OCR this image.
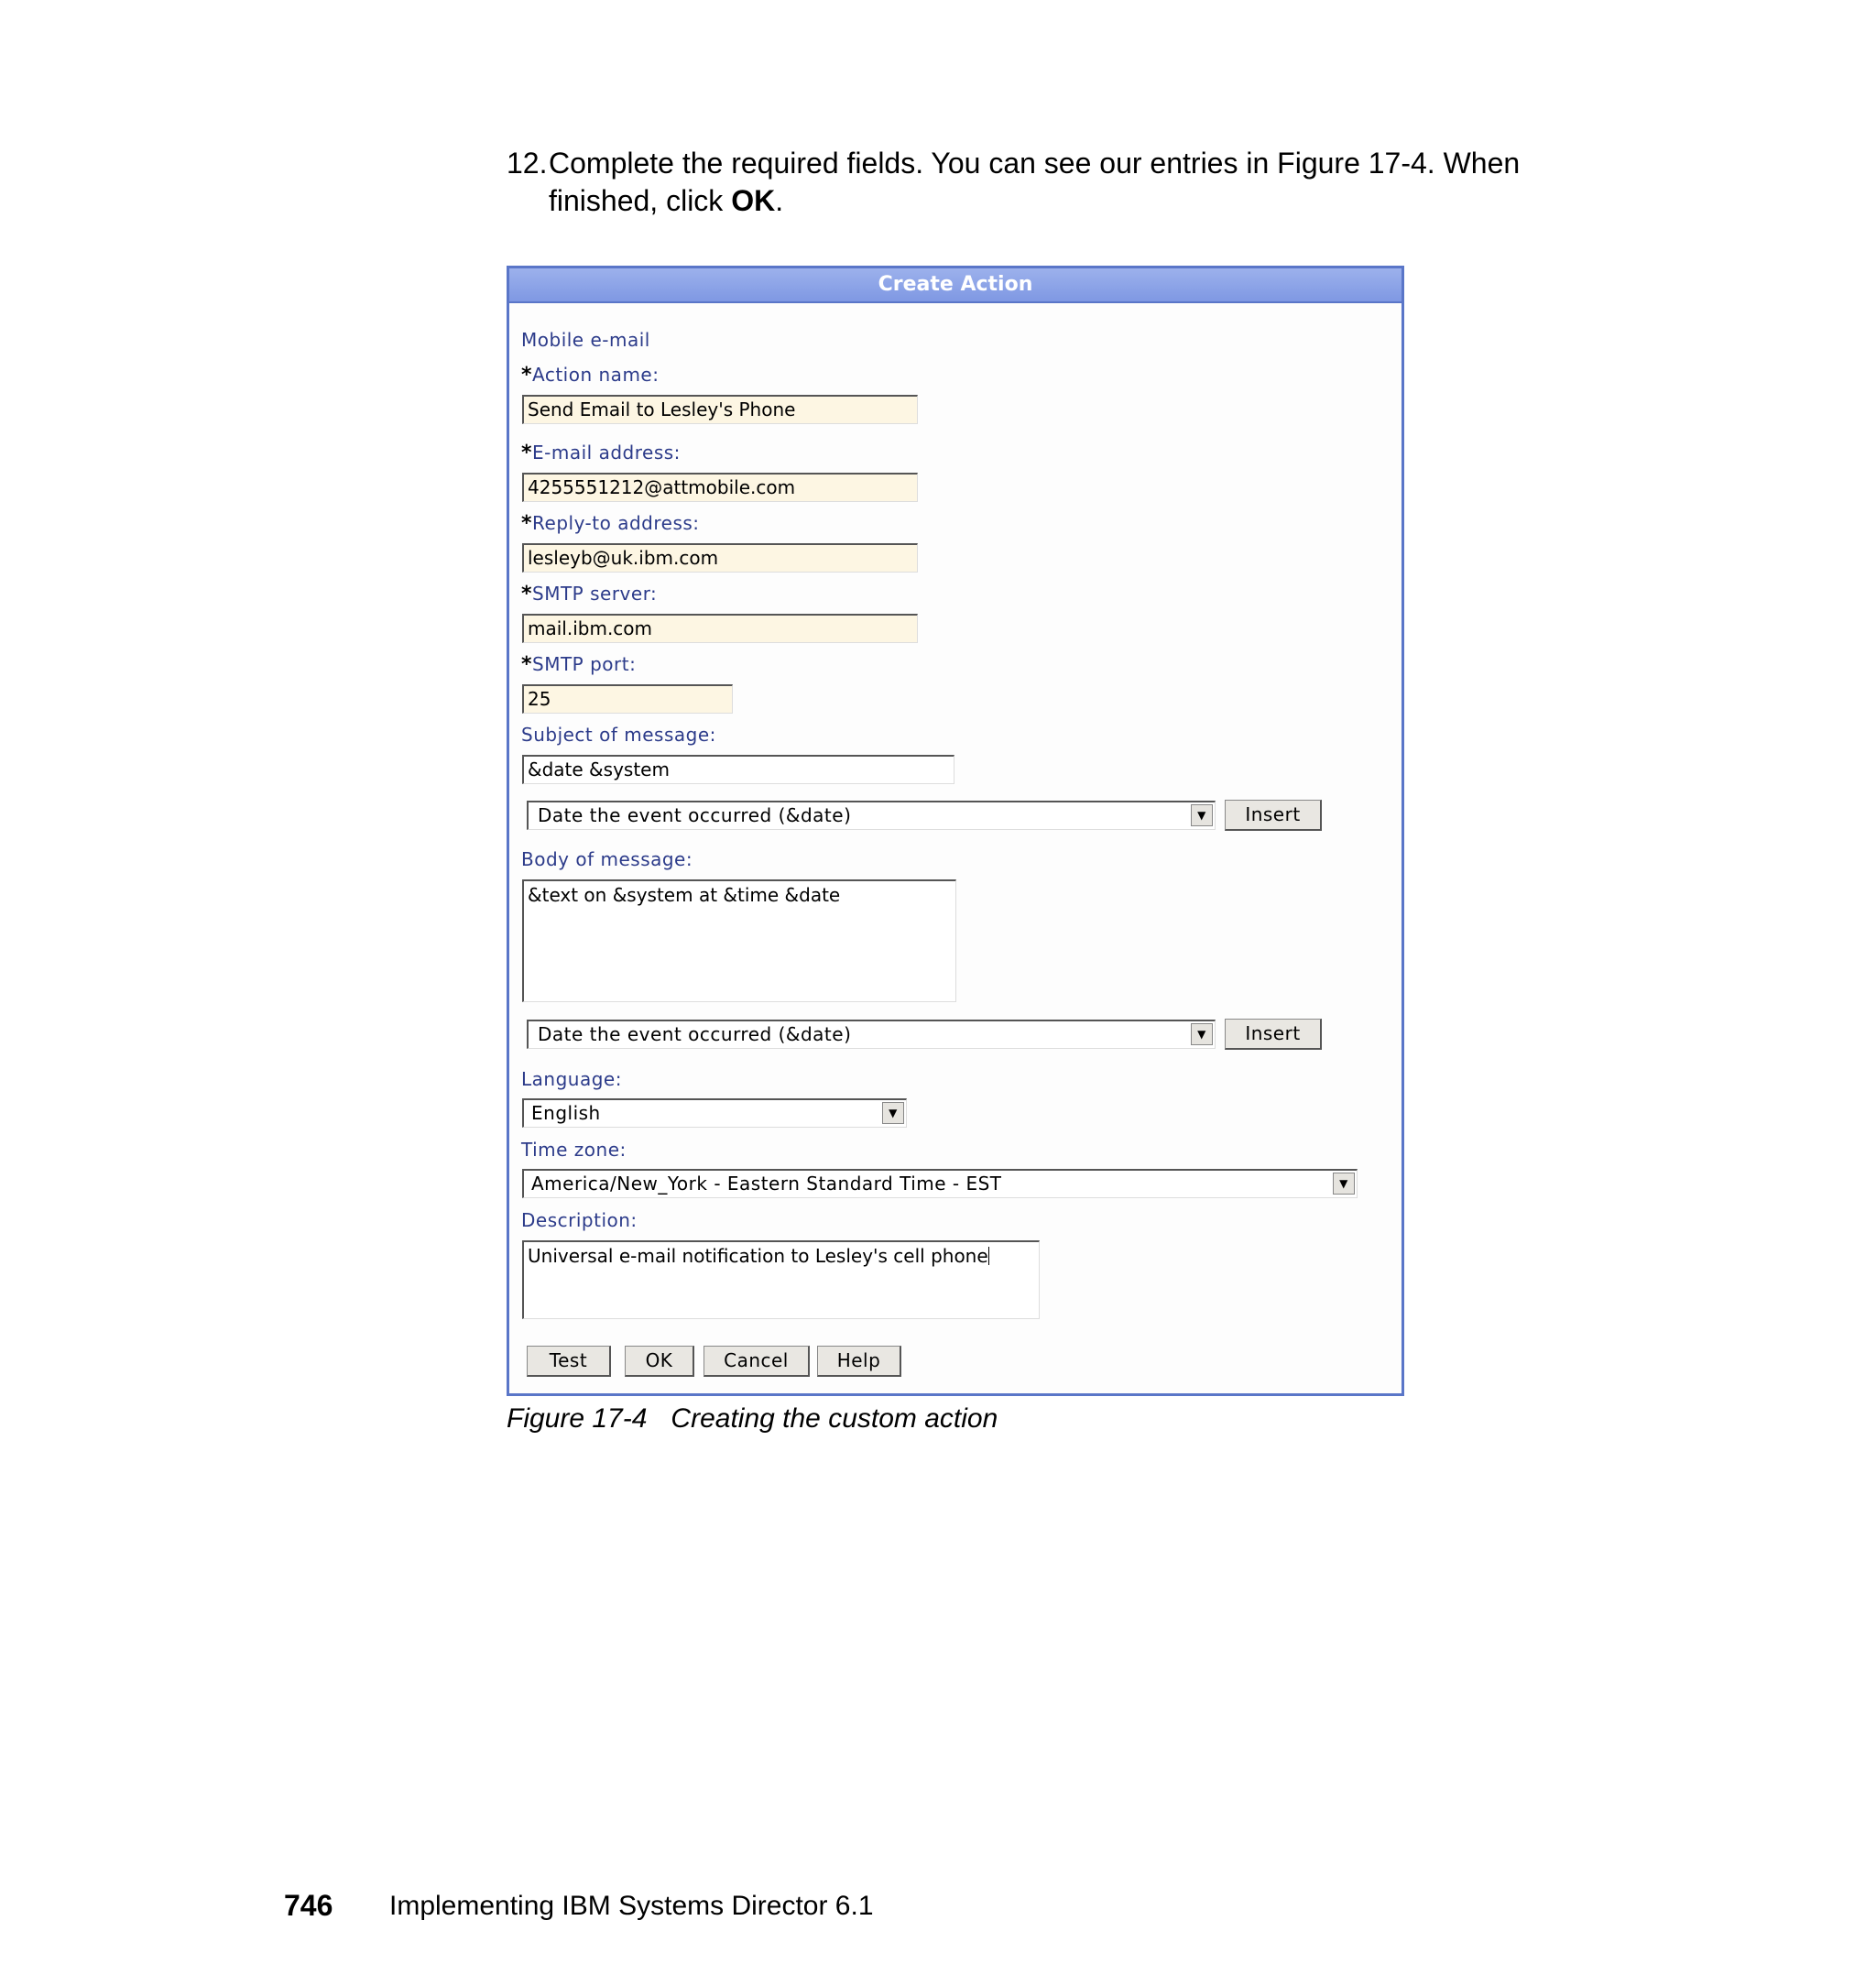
12. Complete the required fields. You can see our entries in Figure 17-4. When finished, click OK.
Create Action
Mobile e-mail
*Action name:
Send Email to Lesley's Phone
*E-mail address:
4255551212@attmobile.com
*Reply-to address:
lesleyb@uk.ibm.com
*SMTP server:
mail.ibm.com
*SMTP port:
25
Subject of message:
&date &system
Date the event occurred (&date)	▼	Insert
Body of message:
&text on &system at &time &date
Date the event occurred (&date)	▼	Insert
Language:
English	▼
Time zone:
America/New_York - Eastern Standard Time - EST	▼
Description:
Universal e-mail notification to Lesley's cell phone
Test	OK	Cancel	Help
Figure 17-4 Creating the custom action
746 Implementing IBM Systems Director 6.1
